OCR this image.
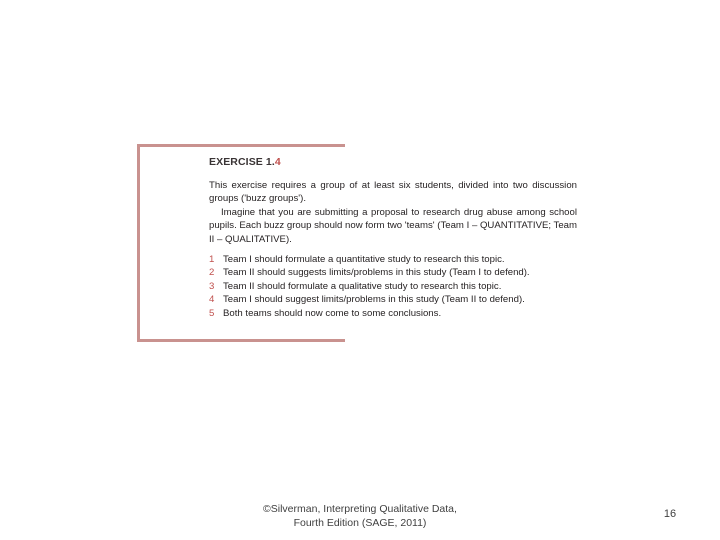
EXERCISE 1.4

This exercise requires a group of at least six students, divided into two discussion groups ('buzz groups').

Imagine that you are submitting a proposal to research drug abuse among school pupils. Each buzz group should now form two 'teams' (Team I – QUANTITATIVE; Team II – QUALITATIVE).

1 Team I should formulate a quantitative study to research this topic.
2 Team II should suggests limits/problems in this study (Team I to defend).
3 Team II should formulate a qualitative study to research this topic.
4 Team I should suggest limits/problems in this study (Team II to defend).
5 Both teams should now come to some conclusions.
©Silverman, Interpreting Qualitative Data,
Fourth Edition (SAGE, 2011)
16
